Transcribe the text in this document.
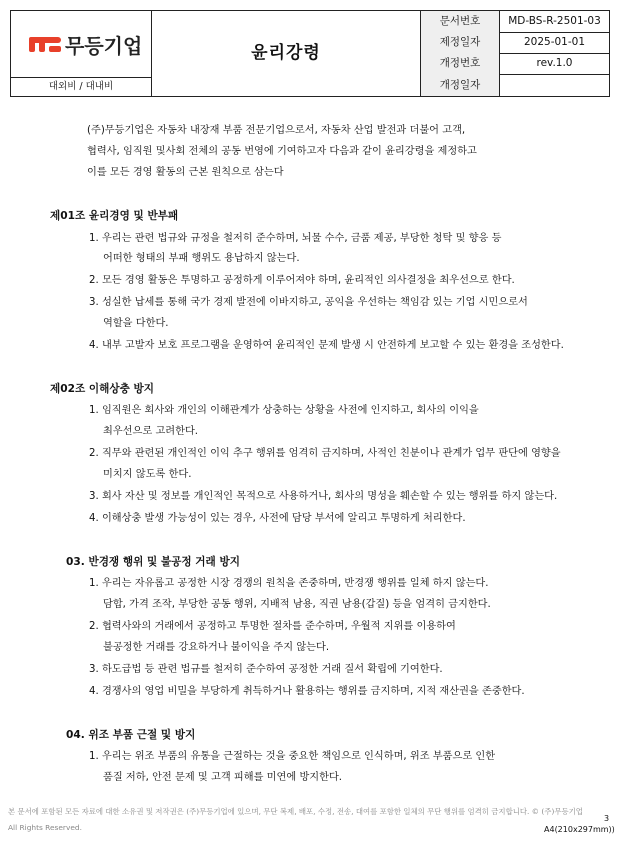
무등기업
대외비 / 대내비
윤리강령
문서번호	MD-BS-R-2501-03
제정일자	2025-01-01
개정번호	rev.1.0
개정일자
(주)무등기업은 자동차 내장재 부품 전문기업으로서, 자동차 산업 발전과 더불어 고객,
협력사, 임직원 및사회 전체의 공동 번영에 기여하고자 다음과 같이 윤리강령을 제정하고
이를 모든 경영 활동의 근본 원칙으로 삼는다
제01조 윤리경영 및 반부패
1. 우리는 관련 법규와 규정을 철저히 준수하며, 뇌물 수수, 금품 제공, 부당한 청탁 및 향응 등
어떠한 형태의 부패 행위도 용납하지 않는다.
2. 모든 경영 활동은 투명하고 공정하게 이루어져야 하며, 윤리적인 의사결정을 최우선으로 한다.
3. 성실한 납세를 통해 국가 경제 발전에 이바지하고, 공익을 우선하는 책임감 있는 기업 시민으로서
역할을 다한다.
4. 내부 고발자 보호 프로그램을 운영하여 윤리적인 문제 발생 시 안전하게 보고할 수 있는 환경을 조성한다.
제02조 이해상충 방지
1. 임직원은 회사와 개인의 이해관계가 상충하는 상황을 사전에 인지하고, 회사의 이익을
최우선으로 고려한다.
2. 직무와 관련된 개인적인 이익 추구 행위를 엄격히 금지하며, 사적인 친분이나 관계가 업무 판단에 영향을
미치지 않도록 한다.
3. 회사 자산 및 정보를 개인적인 목적으로 사용하거나, 회사의 명성을 훼손할 수 있는 행위를 하지 않는다.
4. 이해상충 발생 가능성이 있는 경우, 사전에 담당 부서에 알리고 투명하게 처리한다.
03. 반경쟁 행위 및 불공정 거래 방지
1. 우리는 자유롭고 공정한 시장 경쟁의 원칙을 존중하며, 반경쟁 행위를 일체 하지 않는다.
담합, 가격 조작, 부당한 공동 행위, 지배적 남용, 직권 남용(갑질) 등을 엄격히 금지한다.
2. 협력사와의 거래에서 공정하고 투명한 절차를 준수하며, 우월적 지위를 이용하여
불공정한 거래를 강요하거나 불이익을 주지 않는다.
3. 하도급법 등 관련 법규를 철저히 준수하여 공정한 거래 질서 확립에 기여한다.
4. 경쟁사의 영업 비밀을 부당하게 취득하거나 활용하는 행위를 금지하며, 지적 재산권을 존중한다.
04. 위조 부품 근절 및 방지
1. 우리는 위조 부품의 유통을 근절하는 것을 중요한 책임으로 인식하며, 위조 부품으로 인한
품질 저하, 안전 문제 및 고객 피해를 미연에 방지한다.
본 문서에 포함된 모든 자료에 대한 소유권 및 저작권은 (주)무등기업에 있으며, 무단 복제, 배포, 수정, 전송, 대여를 포함한 일체의 무단 행위를 엄격히 금지합니다. © (주)무등기업
All Rights Reserved.
3
A4(210x297mm))
